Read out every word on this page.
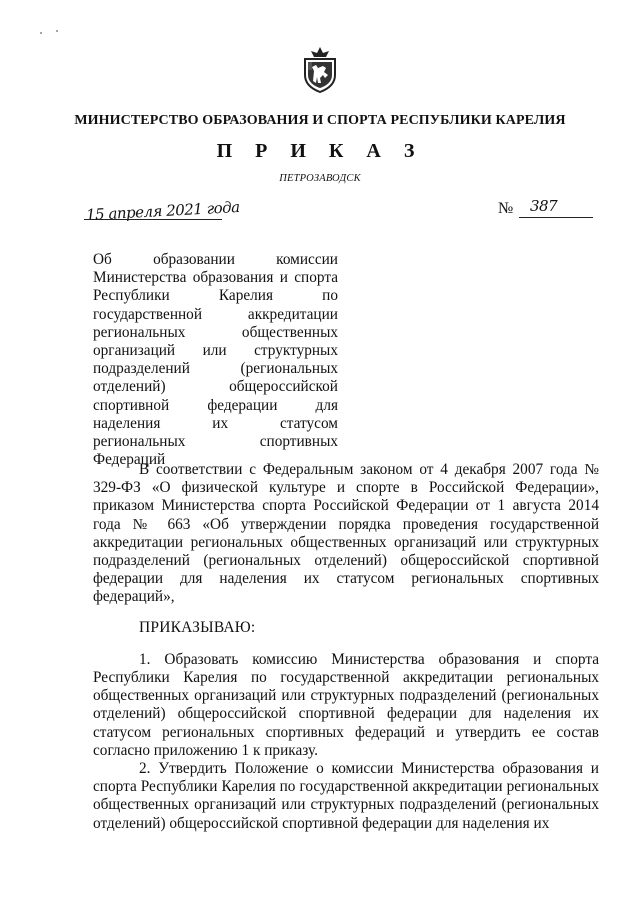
МИНИСТЕРСТВО ОБРАЗОВАНИЯ И СПОРТА РЕСПУБЛИКИ КАРЕЛИЯ
П Р И К А З
ПЕТРОЗАВОДСК
15 апреля 2021 года	№ 387
Об образовании комиссии Министерства образования и спорта Республики Карелия по государственной аккредитации региональных общественных организаций или структурных подразделений (региональных отделений) общероссийской спортивной федерации для наделения их статусом региональных спортивных Федераций

В соответствии с Федеральным законом от 4 декабря 2007 года № 329-ФЗ «О физической культуре и спорте в Российской Федерации», приказом Министерства спорта Российской Федерации от 1 августа 2014 года № 663 «Об утверждении порядка проведения государственной аккредитации региональных общественных организаций или структурных подразделений (региональных отделений) общероссийской спортивной федерации для наделения их статусом региональных спортивных федераций»,

ПРИКАЗЫВАЮ:

1. Образовать комиссию Министерства образования и спорта Республики Карелия по государственной аккредитации региональных общественных организаций или структурных подразделений (региональных отделений) общероссийской спортивной федерации для наделения их статусом региональных спортивных федераций и утвердить ее состав согласно приложению 1 к приказу.

2. Утвердить Положение о комиссии Министерства образования и спорта Республики Карелия по государственной аккредитации региональных общественных организаций или структурных подразделений (региональных отделений) общероссийской спортивной федерации для наделения их
